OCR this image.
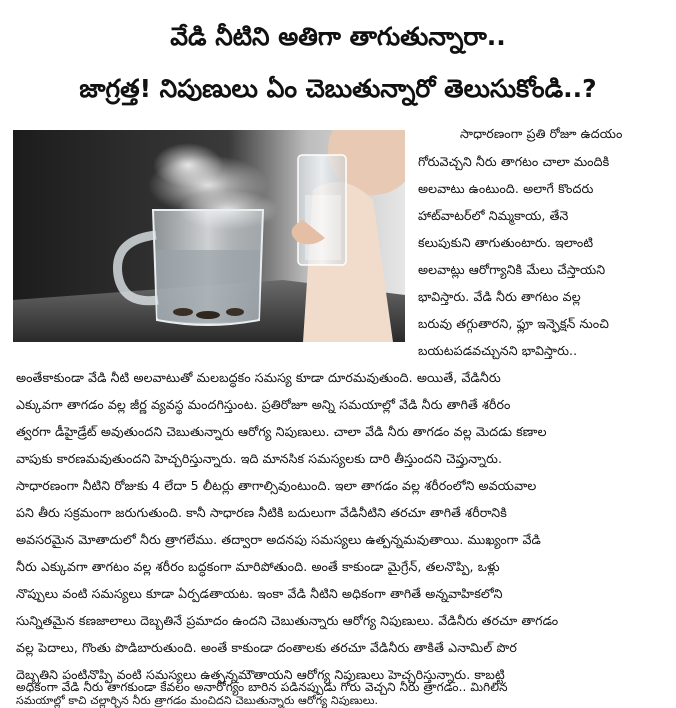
వేడి నీటిని అతిగా తాగుతున్నారా..
జాగ్రత్త! నిపుణులు ఏం చెబుతున్నారో తెలుసుకోండి..?
సాధారణంగా ప్రతి రోజూ ఉదయం
గోరువెచ్చని నీరు తాగటం చాలా మందికి
అలవాటు ఉంటుంది. అలాగే కొందరు
హాట్‌వాటర్‌లో నిమ్మకాయ, తేనె
కలుపుకుని తాగుతుంటారు. ఇలాంటి
అలవాట్లు ఆరోగ్యానికి మేలు చేస్తాయని
భావిస్తారు. వేడి నీరు తాగటం వల్ల
బరువు తగ్గుతారని, ఫ్లూ ఇన్ఫెక్షన్ నుంచి
బయటపడవచ్చునని భావిస్తారు..
అంతేకాకుండా వేడి నీటి అలవాటుతో మలబద్ధకం సమస్య కూడా దూరమవుతుంది. అయితే, వేడినీరు
ఎక్కువగా తాగడం వల్ల జీర్ణ వ్యవస్థ మందగిస్తుంట. ప్రతిరోజూ అన్ని సమయాల్లో వేడి నీరు తాగితే శరీరం
త్వరగా డీహైడ్రేట్ అవుతుందని చెబుతున్నారు ఆరోగ్య నిపుణులు. చాలా వేడి నీరు తాగడం వల్ల మెదడు కణాల
వాపుకు కారణమవుతుందని హెచ్చరిస్తున్నారు. ఇది మానసిక సమస్యలకు దారి తీస్తుందని చెప్తున్నారు.
సాధారణంగా నీటిని రోజుకు 4 లేదా 5 లీటర్లు తాగాల్సివుంటుంది. ఇలా తాగడం వల్ల శరీరంలోని అవయవాల
పని తీరు సక్రమంగా జరుగుతుంది. కానీ సాధారణ నీటికి బదులుగా వేడినీటిని తరచూ తాగితే శరీరానికి
అవసరమైన మోతాదులో నీరు త్రాగలేము. తద్వారా అదనపు సమస్యలు ఉత్పన్నమవుతాయి. ముఖ్యంగా వేడి
నీరు ఎక్కువగా తాగటం వల్ల శరీరం బద్ధకంగా మారిపోతుంది. అంతే కాకుండా మైగ్రేన్, తలనొప్పి, ఒళ్లు
నొప్పులు వంటి సమస్యలు కూడా ఏర్పడతాయట. ఇంకా వేడి నీటిని అధికంగా తాగితే అన్నవాహికలోని
సున్నితమైన కణజాలాలు దెబ్బతినే ప్రమాదం ఉందని చెబుతున్నారు ఆరోగ్య నిపుణులు. వేడినీరు తరచూ తాగడం
వల్ల పెదాలు, గొంతు పొడిబారుతుంది. అంతే కాకుండా దంతాలకు తరచూ వేడినీరు తాకితే ఎనామిల్ పొర
దెబ్బతిని పంటినొప్పి వంటి సమస్యలు ఉత్పన్నమౌతాయని ఆరోగ్య నిపుణులు హెచ్చరిస్తున్నారు. కాబట్టి
అధికంగా వేడి నీరు తాగకుండా కేవలం అనారోగ్యం బారిన పడినప్పుడు గోరు వెచ్చని నీరు త్రాగడం.. మిగిలిన
సమయాల్లో కాచి చల్లార్చిన నీరు త్రాగడం మంచిదని చెబుతున్నారు ఆరోగ్య నిపుణులు.
